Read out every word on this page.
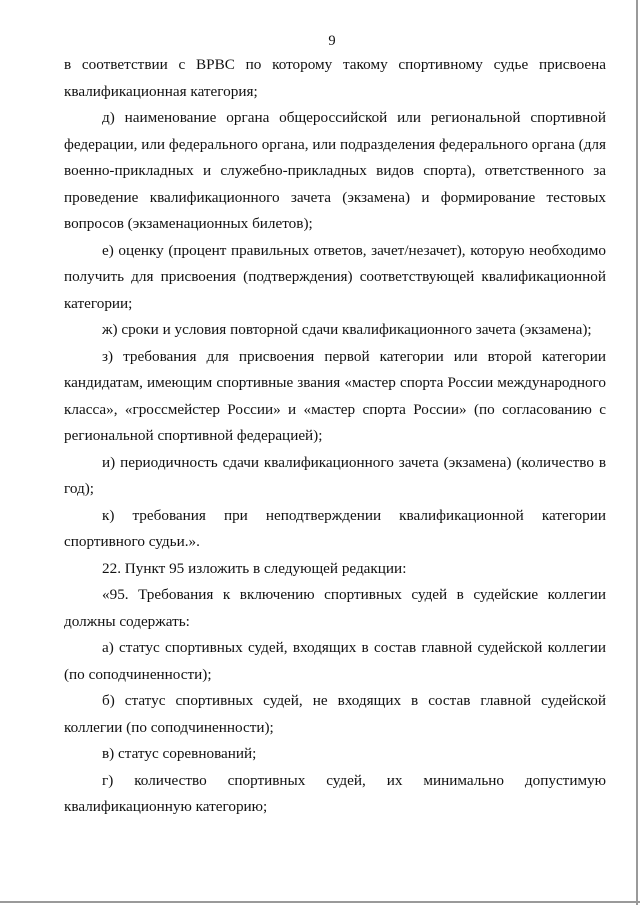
9

в соответствии с ВРВС по которому такому спортивному судье присвоена квалификационная категория;

д) наименование органа общероссийской или региональной спортивной федерации, или федерального органа, или подразделения федерального органа (для военно-прикладных и служебно-прикладных видов спорта), ответственного за проведение квалификационного зачета (экзамена) и формирование тестовых вопросов (экзаменационных билетов);

е) оценку (процент правильных ответов, зачет/незачет), которую необходимо получить для присвоения (подтверждения) соответствующей квалификационной категории;

ж) сроки и условия повторной сдачи квалификационного зачета (экзамена);

з) требования для присвоения первой категории или второй категории кандидатам, имеющим спортивные звания «мастер спорта России международного класса», «гроссмейстер России» и «мастер спорта России» (по согласованию с региональной спортивной федерацией);

и) периодичность сдачи квалификационного зачета (экзамена) (количество в год);

к) требования при неподтверждении квалификационной категории спортивного судьи.».

22. Пункт 95 изложить в следующей редакции:

«95. Требования к включению спортивных судей в судейские коллегии должны содержать:

а) статус спортивных судей, входящих в состав главной судейской коллегии (по соподчиненности);

б) статус спортивных судей, не входящих в состав главной судейской коллегии (по соподчиненности);

в) статус соревнований;

г) количество спортивных судей, их минимально допустимую квалификационную категорию;
